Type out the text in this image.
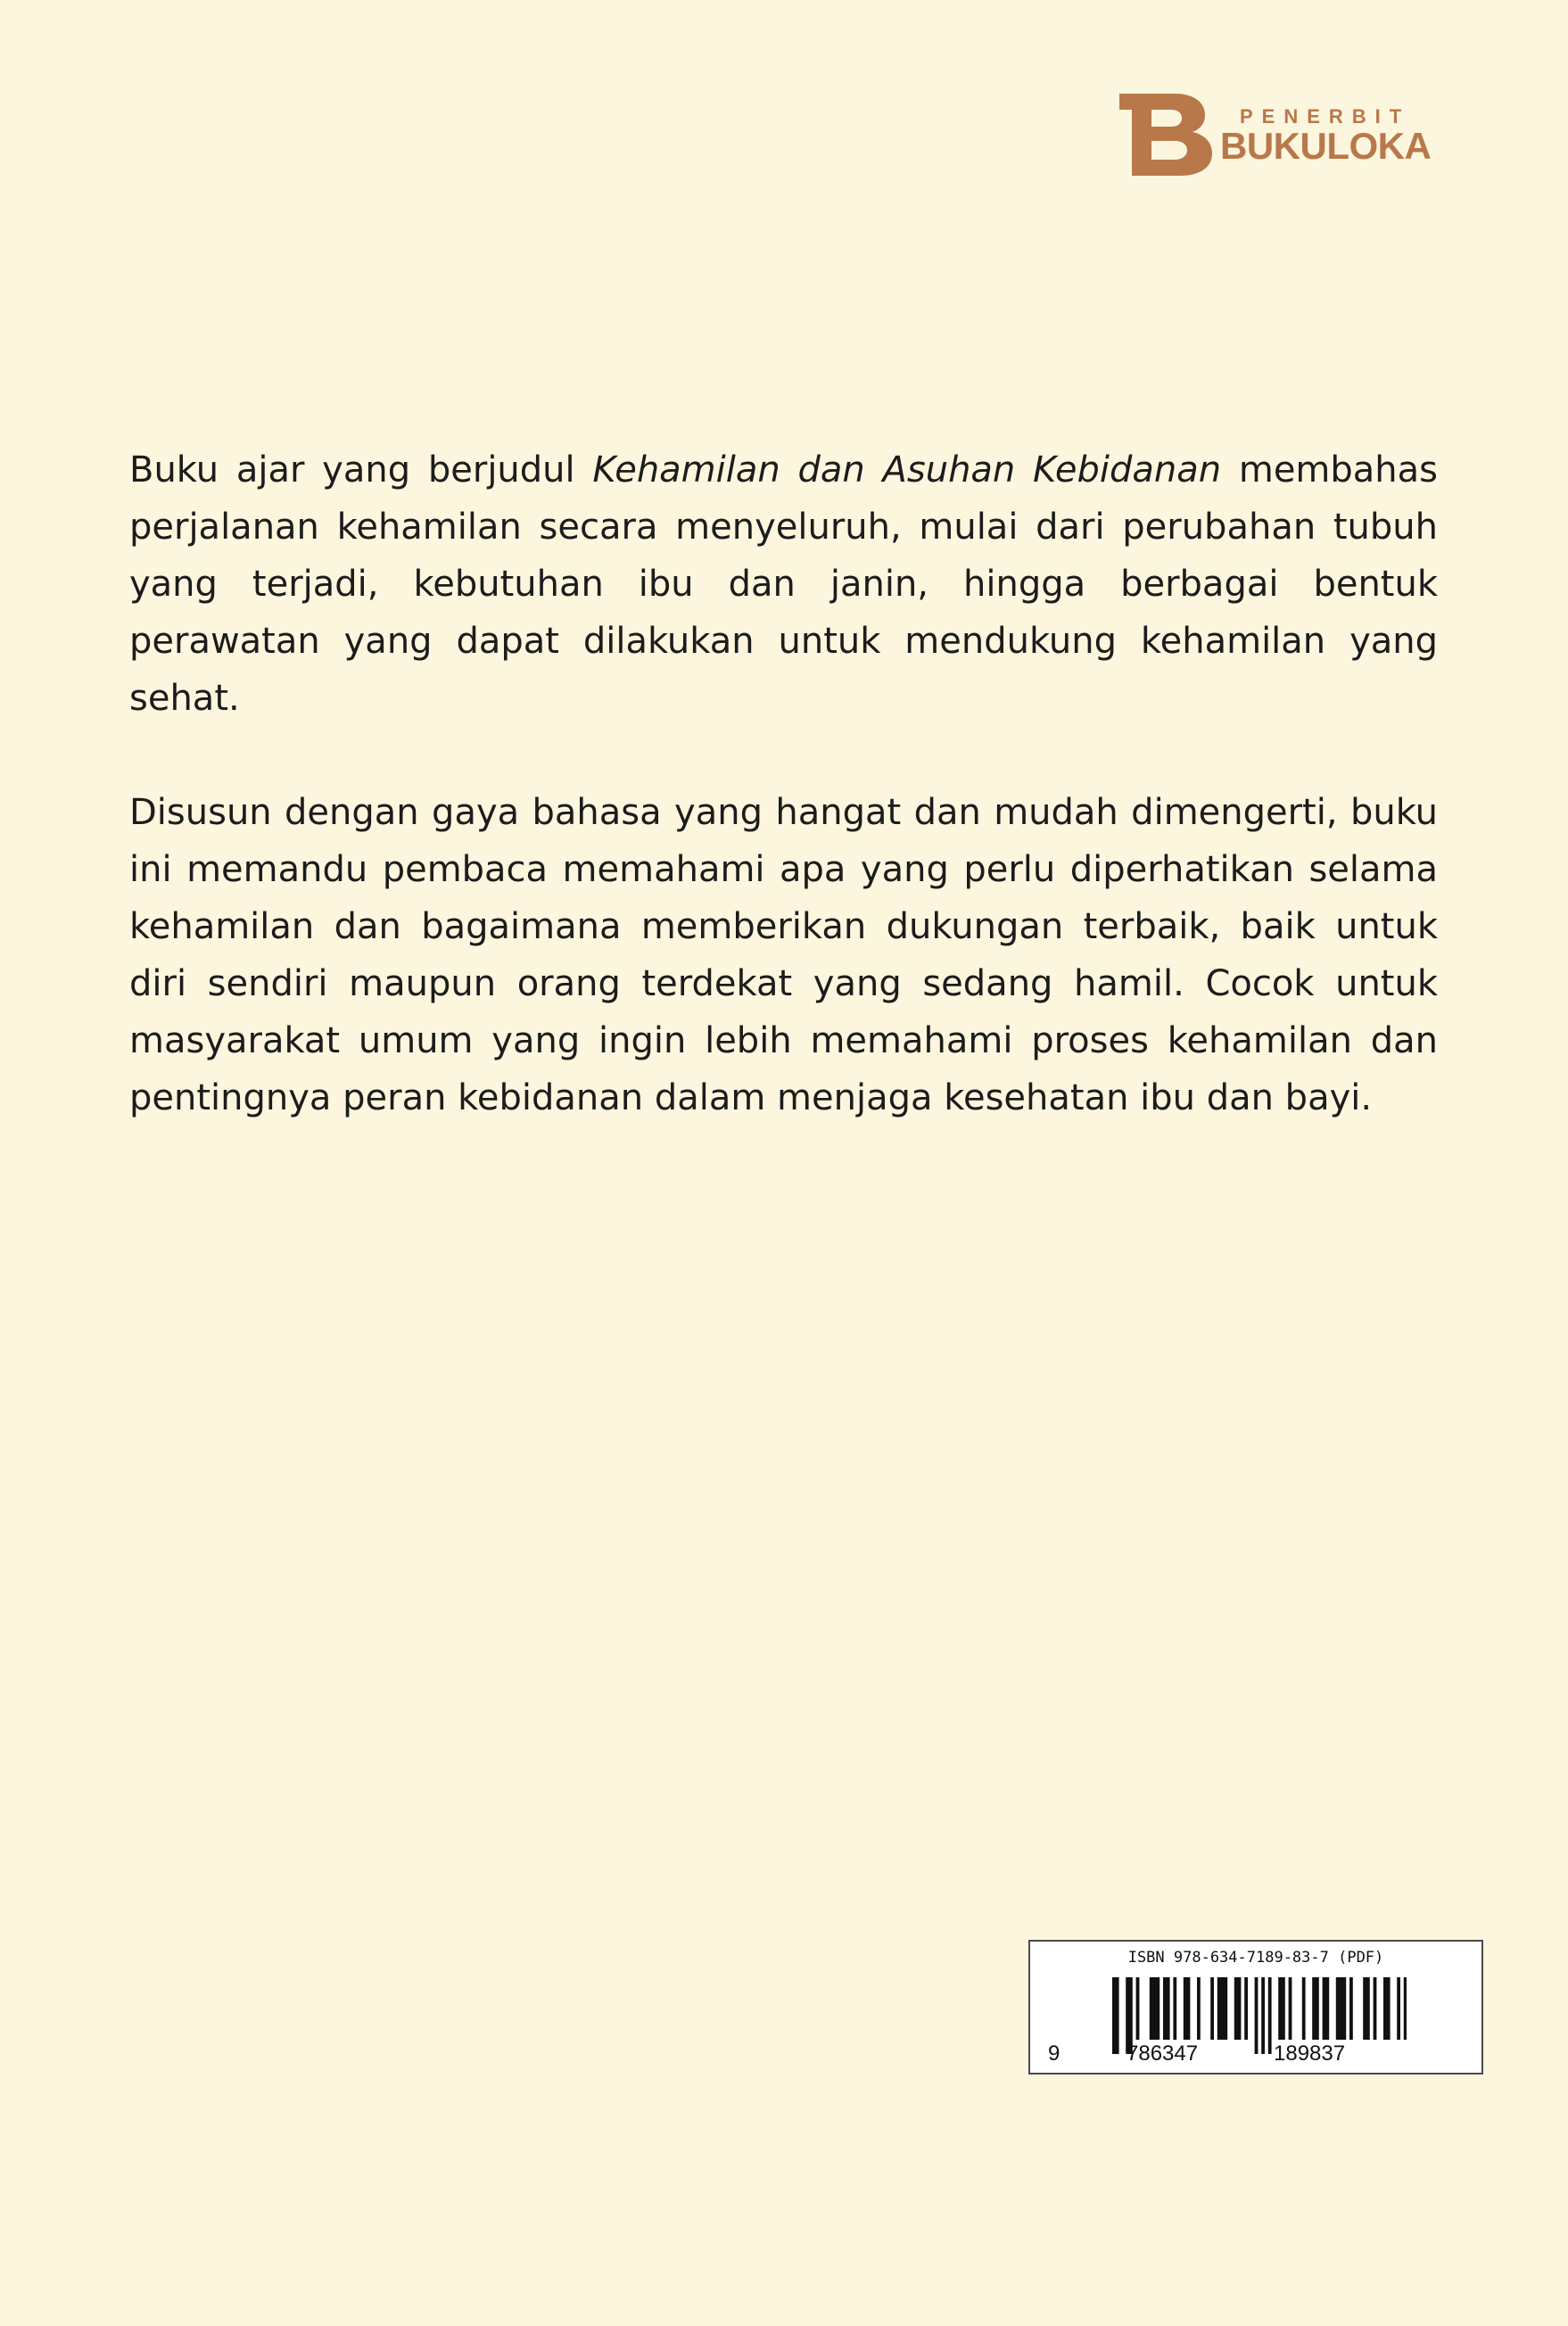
PENERBIT
BUKULOKA

Buku ajar yang berjudul Kehamilan dan Asuhan Kebidanan membahas perjalanan kehamilan secara menyeluruh, mulai dari perubahan tubuh yang terjadi, kebutuhan ibu dan janin, hingga berbagai bentuk perawatan yang dapat dilakukan untuk mendukung kehamilan yang sehat.

Disusun dengan gaya bahasa yang hangat dan mudah dimengerti, buku ini memandu pembaca memahami apa yang perlu diperhatikan selama kehamilan dan bagaimana memberikan dukungan terbaik, baik untuk diri sendiri maupun orang terdekat yang sedang hamil. Cocok untuk masyarakat umum yang ingin lebih memahami proses kehamilan dan pentingnya peran kebidanan dalam menjaga kesehatan ibu dan bayi.

ISBN 978-634-7189-83-7 (PDF)
9	786347	189837
